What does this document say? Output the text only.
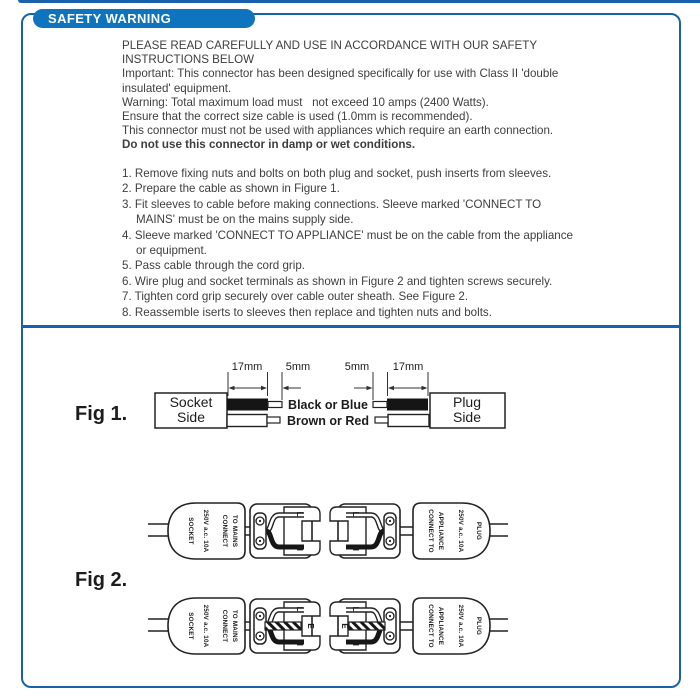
SAFETY WARNING
PLEASE READ CAREFULLY AND USE IN ACCORDANCE WITH OUR SAFETY
INSTRUCTIONS BELOW
Important: This connector has been designed specifically for use with Class II 'double
insulated' equipment.
Warning: Total maximum load must   not exceed 10 amps (2400 Watts).
Ensure that the correct size cable is used (1.0mm is recommended).
This connector must not be used with appliances which require an earth connection.
Do not use this connector in damp or wet conditions.
1. Remove fixing nuts and bolts on both plug and socket, push inserts from sleeves.
2. Prepare the cable as shown in Figure 1.
3. Fit sleeves to cable before making connections. Sleeve marked 'CONNECT TO
MAINS' must be on the mains supply side.
4. Sleeve marked 'CONNECT TO APPLIANCE' must be on the cable from the appliance
or equipment.
5. Pass cable through the cord grip.
6. Wire plug and socket terminals as shown in Figure 2 and tighten screws securely.
7. Tighten cord grip securely over cable outer sheath. See Figure 2.
8. Reassemble iserts to sleeves then replace and tighten nuts and bolts.
Fig 1.
17mm 5mm	5mm 17mm
Socket
Side
Plug
Side
Black or Blue
Brown or Red
Fig 2.
SOCKET 250V a.c. 10A CONNECT TO MAINS	CONNECT TO APPLIANCE 250V a.c. 10A PLUG
L
N
L
N
SOCKET 250V a.c. 10A CONNECT TO MAINS	CONNECT TO APPLIANCE 250V a.c. 10A PLUG
L
N
E
L
N
E
